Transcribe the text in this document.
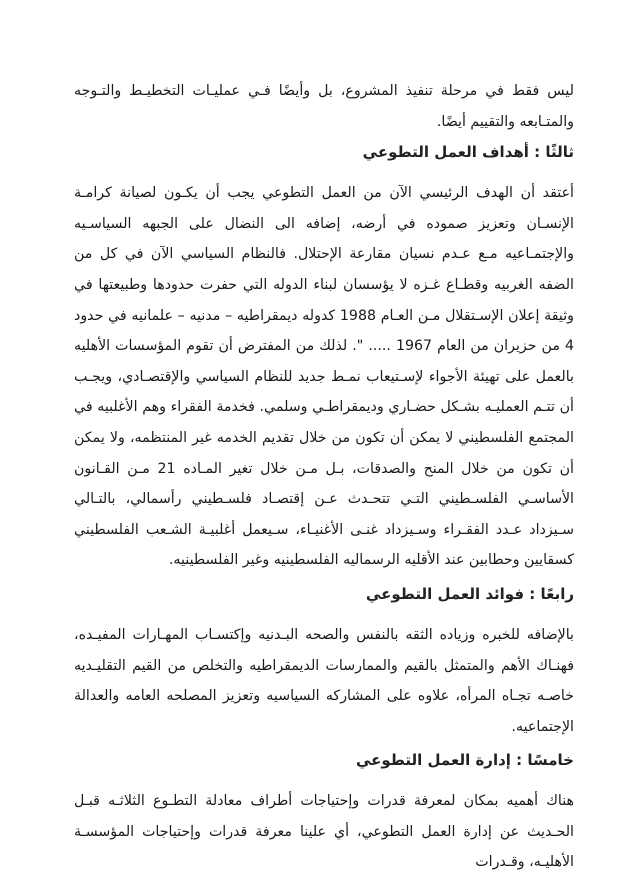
ليس فقط في مرحلة تنفيذ المشروع، بل وأيضًا فـي عمليـات التخطيـط والتـوجه والمتـابعه والتقييم أيضًا.

ثالثًا : أهداف العمل التطوعي

أعتقد أن الهدف الرئيسي الآن من العمل التطوعي يجب أن يكـون لصيانة كرامـة الإنسـان وتعزيز صموده في أرضه، إضافه الى النضال على الجبهه السياسـيه والإجتمـاعيه مـع عـدم نسيان مقارعة الإحتلال. فالنظام السياسي الآن في كل من الضفه الغربيه وقطـاع غـزه لا يؤسسان لبناء الدوله التي حفرت حدودها وطبيعتها في وثيقة إعلان الإسـتقلال مـن العـام 1988 كدوله ديمقراطيه – مدنيه – علمانيه في حدود 4 من حزيران من العام 1967 ..... ". لذلك من المفترض أن تقوم المؤسسات الأهليه بالعمل على تهيئة الأجواء لإسـتيعاب نمـط جديد للنظام السياسي والإقتصـادي، ويجـب أن تتـم العمليـه بشـكل حضـاري وديمقراطـي وسلمي. فخدمة الفقراء وهم الأغلبيه في المجتمع الفلسطيني لا يمكن أن تكون من خلال تقديم الخدمه غير المنتظمه، ولا يمكن أن تكون من خلال المنح والصدقات، بـل مـن خلال تغير المـاده 21 مـن القـانون الأساسـي الفلسـطيني التـي تتحـدث عـن إقتصـاد فلسـطيني رأسمالي، بالتـالي سـيزداد عـدد الفقـراء وسـيزداد غنـى الأغنيـاء، سـيعمل أغلبيـة الشـعب الفلسطيني كسقايين وحطابين عند الأقليه الرسماليه الفلسطينيه وغير الفلسطينيه.

رابعًا : فوائد العمل التطوعي

بالإضافه للخبره وزياده الثقه بالنفس والصحه البـدنيه وإكتسـاب المهـارات المفيـده، فهنـاك الأهم والمتمثل بالقيم والممارسات الديمقراطيه والتخلص من القيم التقليـديه خاصـه تجـاه المرأه، علاوه على المشاركه السياسيه وتعزيز المصلحه العامه والعدالة الإجتماعيه.

خامسًا : إدارة العمل التطوعي

هناك أهميه بمكان لمعرفة قدرات وإحتياجات أطراف معادلة التطـوع الثلاثـه قبـل الحـديث عن إدارة العمل التطوعي، أي علينا معرفة قدرات وإحتياجات المؤسسـة الأهليـه، وقـدرات
